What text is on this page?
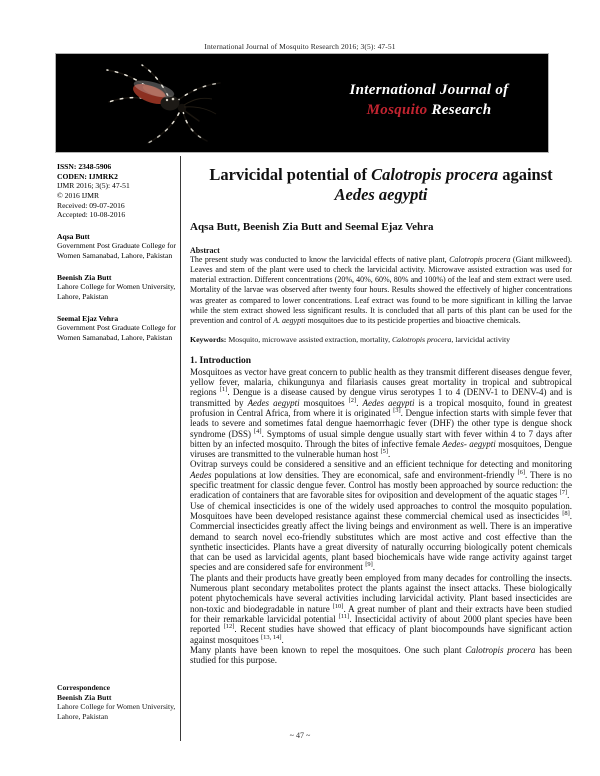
International Journal of Mosquito Research 2016; 3(5): 47-51
International Journal of
Mosquito Research
ISSN: 2348-5906
CODEN: IJMRK2
IJMR 2016; 3(5): 47-51
© 2016 IJMR
Received: 09-07-2016
Accepted: 10-08-2016
Aqsa Butt
Government Post Graduate College for Women Samanabad, Lahore, Pakistan
Beenish Zia Butt
Lahore College for Women University, Lahore, Pakistan
Seemal Ejaz Vehra
Government Post Graduate College for Women Samanabad, Lahore, Pakistan
Correspondence
Beenish Zia Butt
Lahore College for Women University, Lahore, Pakistan
Larvicidal potential of Calotropis procera against
Aedes aegypti
Aqsa Butt, Beenish Zia Butt and Seemal Ejaz Vehra
Abstract

The present study was conducted to know the larvicidal effects of native plant, Calotropis procera (Giant milkweed). Leaves and stem of the plant were used to check the larvicidal activity. Microwave assisted extraction was used for material extraction. Different concentrations (20%, 40%, 60%, 80% and 100%) of the leaf and stem extract were used. Mortality of the larvae was observed after twenty four hours. Results showed the effectively of higher concentrations was greater as compared to lower concentrations. Leaf extract was found to be more significant in killing the larvae while the stem extract showed less significant results. It is concluded that all parts of this plant can be used for the prevention and control of A. aegypti mosquitoes due to its pesticide properties and bioactive chemicals.

Keywords: Mosquito, microwave assisted extraction, mortality, Calotropis procera, larvicidal activity

1. Introduction

Mosquitoes as vector have great concern to public health as they transmit different diseases dengue fever, yellow fever, malaria, chikungunya and filariasis causes great mortality in tropical and subtropical regions [1]. Dengue is a disease caused by dengue virus serotypes 1 to 4 (DENV-1 to DENV-4) and is transmitted by Aedes aegypti mosquitoes [2]. Aedes aegypti is a tropical mosquito, found in greatest profusion in Central Africa, from where it is originated [3]. Dengue infection starts with simple fever that leads to severe and sometimes fatal dengue haemorrhagic fever (DHF) the other type is dengue shock syndrome (DSS) [4]. Symptoms of usual simple dengue usually start with fever within 4 to 7 days after bitten by an infected mosquito. Through the bites of infective female Aedes- aegypti mosquitoes, Dengue viruses are transmitted to the vulnerable human host [5].

Ovitrap surveys could be considered a sensitive and an efficient technique for detecting and monitoring Aedes populations at low densities. They are economical, safe and environment-friendly [6]. There is no specific treatment for classic dengue fever. Control has mostly been approached by source reduction: the eradication of containers that are favorable sites for oviposition and development of the aquatic stages [7].

Use of chemical insecticides is one of the widely used approaches to control the mosquito population. Mosquitoes have been developed resistance against these commercial chemical used as insecticides [8]. Commercial insecticides greatly affect the living beings and environment as well. There is an imperative demand to search novel eco-friendly substitutes which are most active and cost effective than the synthetic insecticides. Plants have a great diversity of naturally occurring biologically potent chemicals that can be used as larvicidal agents, plant based biochemicals have wide range activity against target species and are considered safe for environment [9].

The plants and their products have greatly been employed from many decades for controlling the insects. Numerous plant secondary metabolites protect the plants against the insect attacks. These biologically potent phytochemicals have several activities including larvicidal activity. Plant based insecticides are non-toxic and biodegradable in nature [10]. A great number of plant and their extracts have been studied for their remarkable larvicidal potential [11]. Insecticidal activity of about 2000 plant species have been reported [12]. Recent studies have showed that efficacy of plant biocompounds have significant action against mosquitoes [13, 14].

Many plants have been known to repel the mosquitoes. One such plant Calotropis procera has been studied for this purpose.

~ 47 ~
